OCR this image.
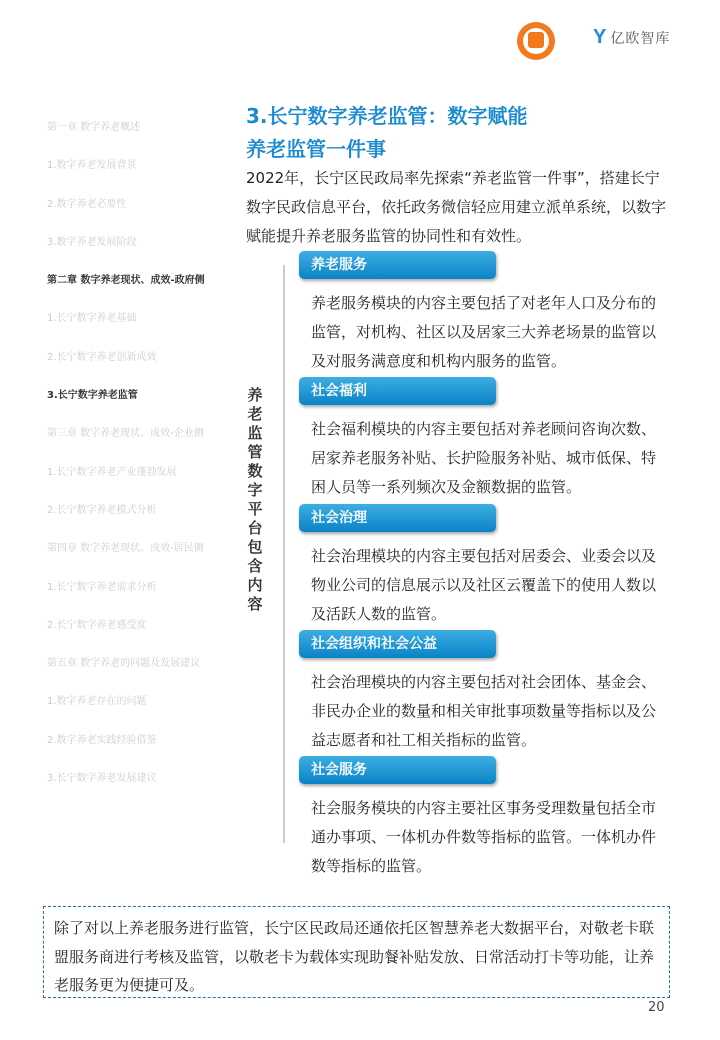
Y 亿欧智库
第一章 数字养老概述
1.数字养老发展背景
2.数字养老必要性
3.数字养老发展阶段
第二章 数字养老现状、成效-政府侧
1.长宁数字养老基础
2.长宁数字养老创新成效
3.长宁数字养老监管
第三章 数字养老现状、成效-企业侧
1.长宁数字养老产业蓬勃发展
2.长宁数字养老模式分析
第四章 数字养老现状、成效-居民侧
1.长宁数字养老需求分析
2.长宁数字养老感受度
第五章 数字养老的问题及发展建议
1.数字养老存在的问题
2.数字养老实践经验借鉴
3.长宁数字养老发展建议
3.长宁数字养老监管：数字赋能
养老监管一件事
2022年，长宁区民政局率先探索“养老监管一件事”，搭建长宁数字民政信息平台，依托政务微信轻应用建立派单系统，以数字赋能提升养老服务监管的协同性和有效性。
养老监管数字平台包含内容
养老服务
养老服务模块的内容主要包括了对老年人口及分布的监管，对机构、社区以及居家三大养老场景的监管以及对服务满意度和机构内服务的监管。
社会福利
社会福利模块的内容主要包括对养老顾问咨询次数、居家养老服务补贴、长护险服务补贴、城市低保、特困人员等一系列频次及金额数据的监管。
社会治理
社会治理模块的内容主要包括对居委会、业委会以及物业公司的信息展示以及社区云覆盖下的使用人数以及活跃人数的监管。
社会组织和社会公益
社会治理模块的内容主要包括对社会团体、基金会、非民办企业的数量和相关审批事项数量等指标以及公益志愿者和社工相关指标的监管。
社会服务
社会服务模块的内容主要社区事务受理数量包括全市通办事项、一体机办件数等指标的监管。一体机办件数等指标的监管。
除了对以上养老服务进行监管，长宁区民政局还通依托区智慧养老大数据平台，对敬老卡联盟服务商进行考核及监管，以敬老卡为载体实现助餐补贴发放、日常活动打卡等功能，让养老服务更为便捷可及。
20
